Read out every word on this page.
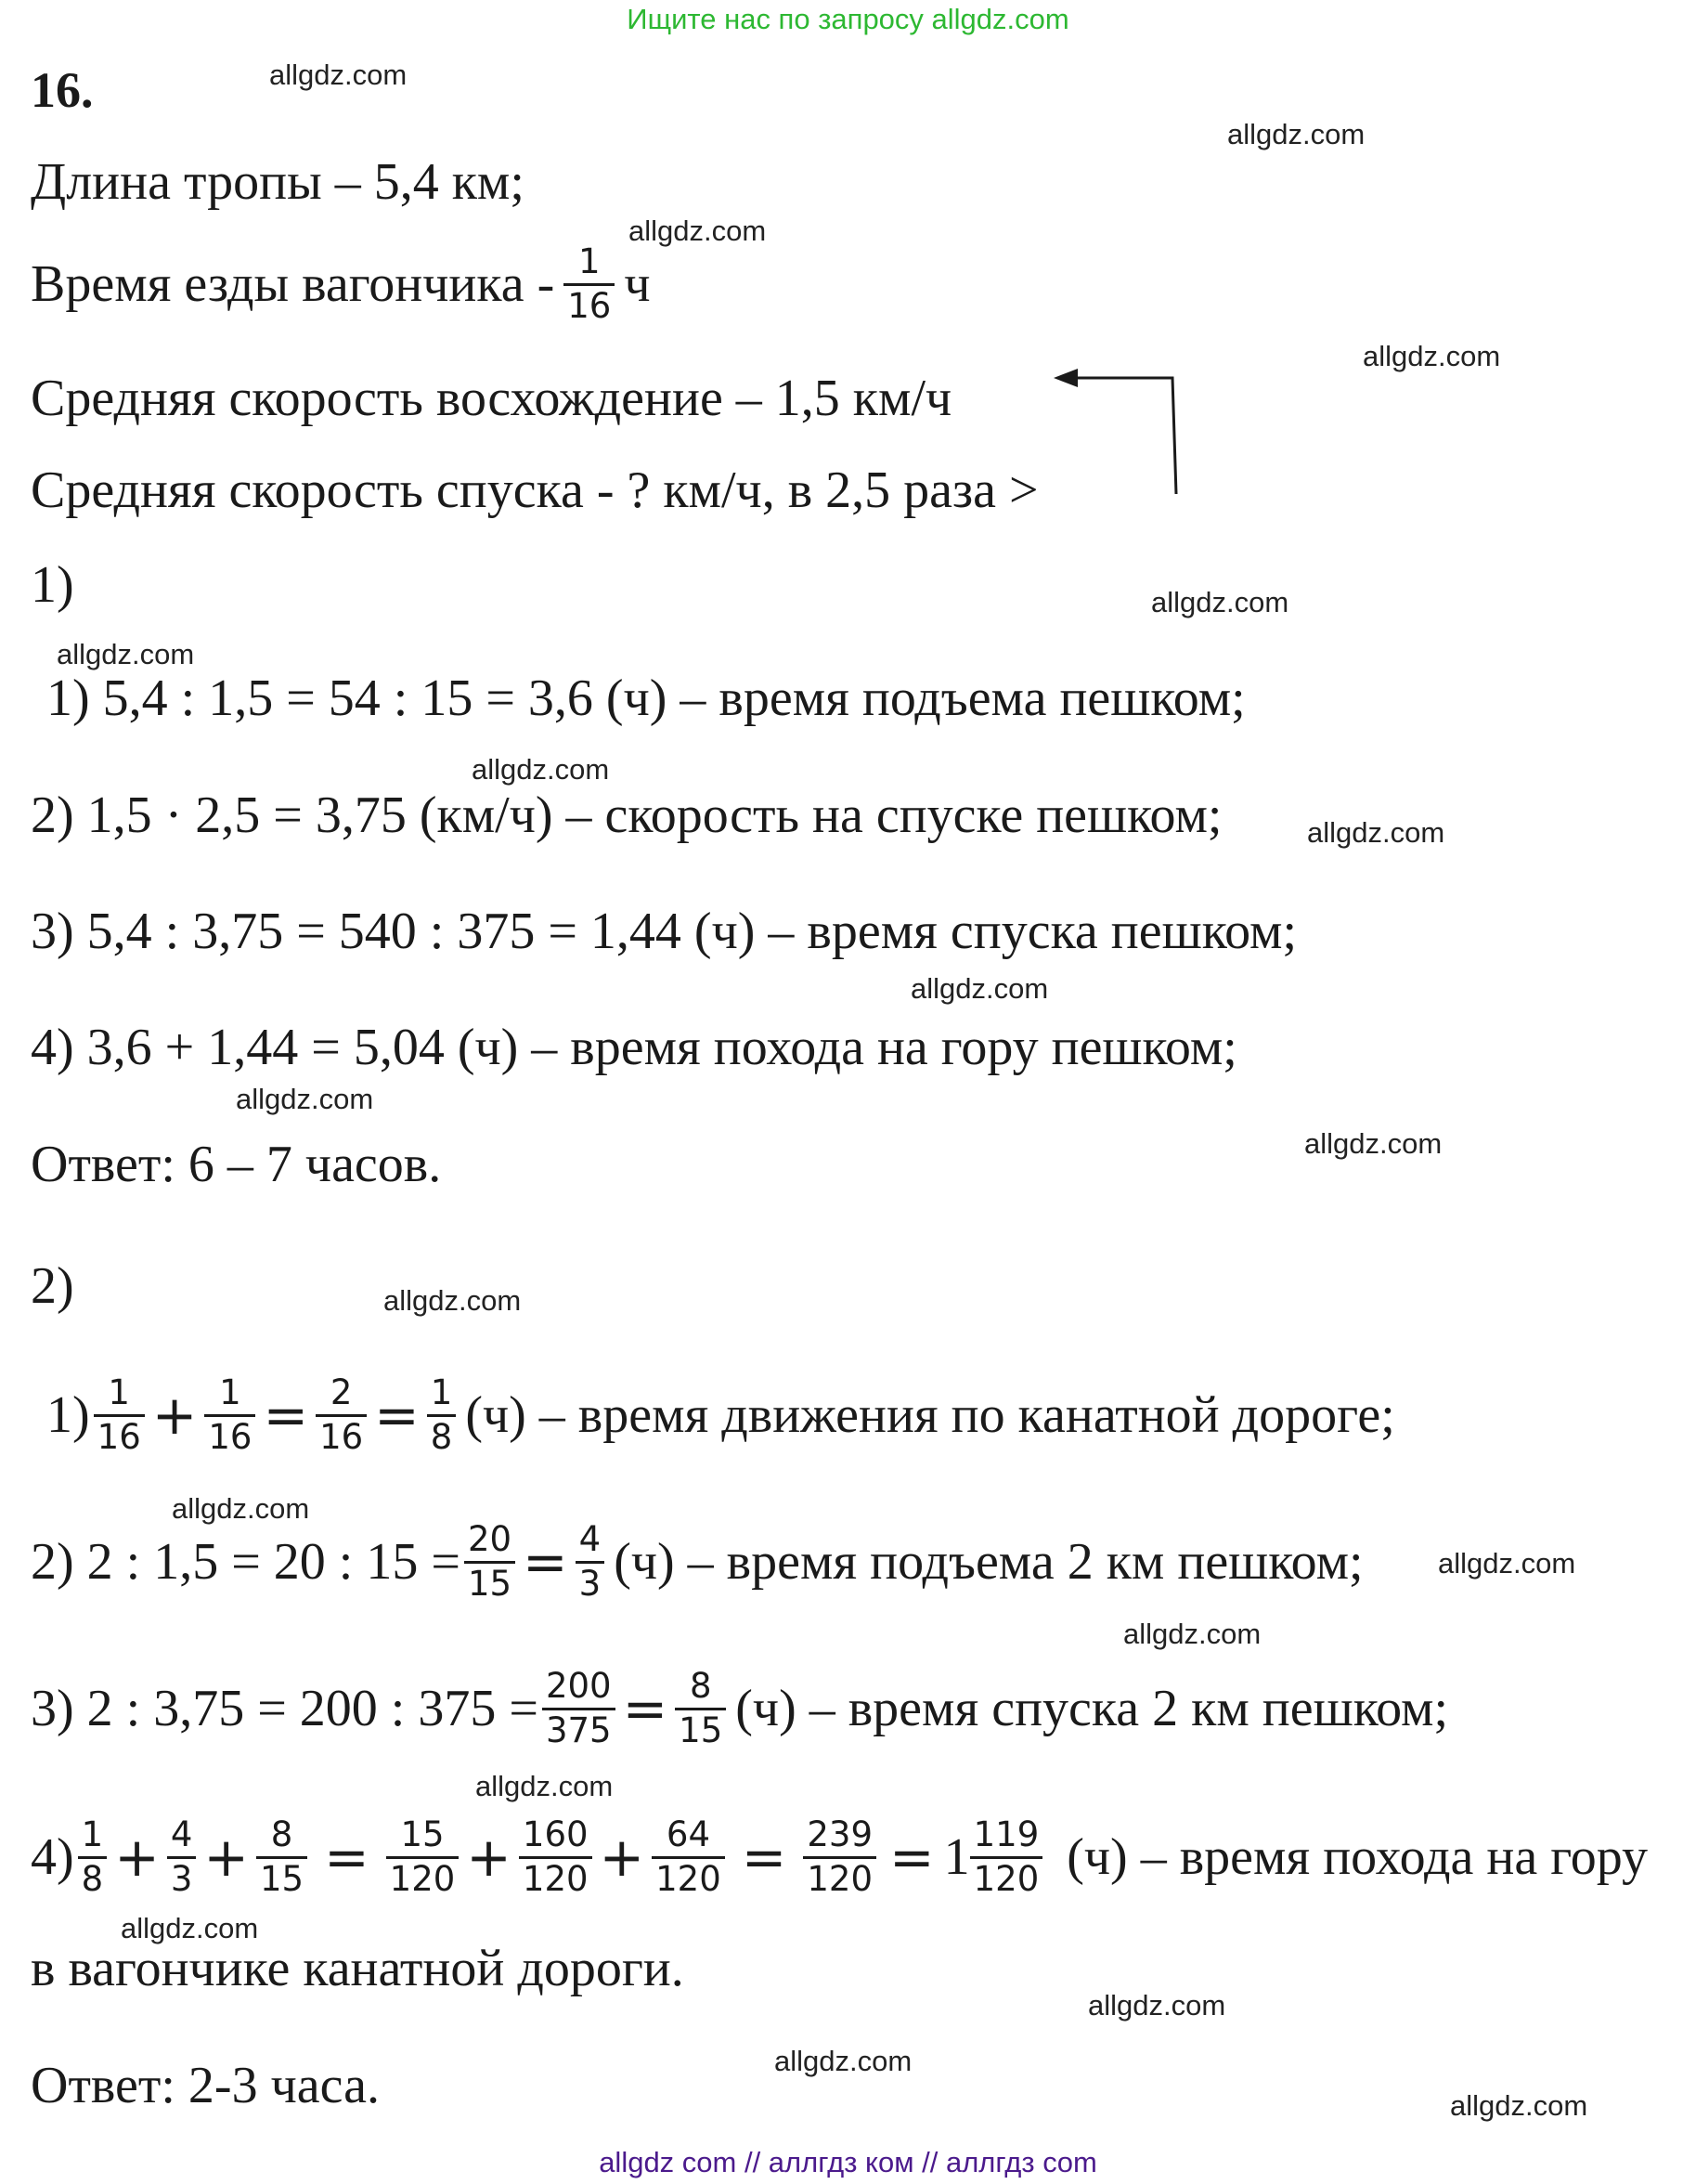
Ищите нас по запросу allgdz.com
16.
Длина тропы – 5,4 км;
Время езды вагончика - $\frac{1}{16}$ ч
Средняя скорость восхождение – 1,5 км/ч
Средняя скорость спуска - ? км/ч, в 2,5 раза >
1)
1) 5,4 : 1,5 = 54 : 15 = 3,6 (ч) – время подъема пешком;
2) 1,5 · 2,5 = 3,75 (км/ч) – скорость на спуске пешком;
3) 5,4 : 3,75 = 540 : 375 = 1,44 (ч) – время спуска пешком;
4) 3,6 + 1,44 = 5,04 (ч) – время похода на гору пешком;
Ответ: 6 – 7 часов.
2)
$1) \frac{1}{16} + \frac{1}{16} = \frac{2}{16} = \frac{1}{8} (ч)$ – время движения по канатной дороге;
2) 2 : 1,5 = 20 : $15 = \frac{20}{15} = \frac{4}{3} (ч)$ – время подъема 2 км пешком;
3) 2 : 3,75 = 200 : $375 = \frac{200}{375} = \frac{8}{15} (ч)$ – время спуска 2 км пешком;
$4) \frac{1}{8} + \frac{4}{3} + \frac{8}{15} = \frac{15}{120} + \frac{160}{120} + \frac{64}{120} = \frac{239}{120} = 1 \frac{119}{120} (ч)$ – время похода на гору
в вагончике канатной дороги.
Ответ: 2-3 часа.
allgdz.com
allgdz.com
allgdz.com
allgdz.com
allgdz.com
allgdz.com
allgdz.com
allgdz.com
allgdz.com
allgdz.com
allgdz.com
allgdz.com
allgdz.com
allgdz.com
allgdz.com
allgdz.com
allgdz.com
allgdz.com
allgdz.com
allgdz.com
allgdz com // аллгдз ком // аллгдз com
